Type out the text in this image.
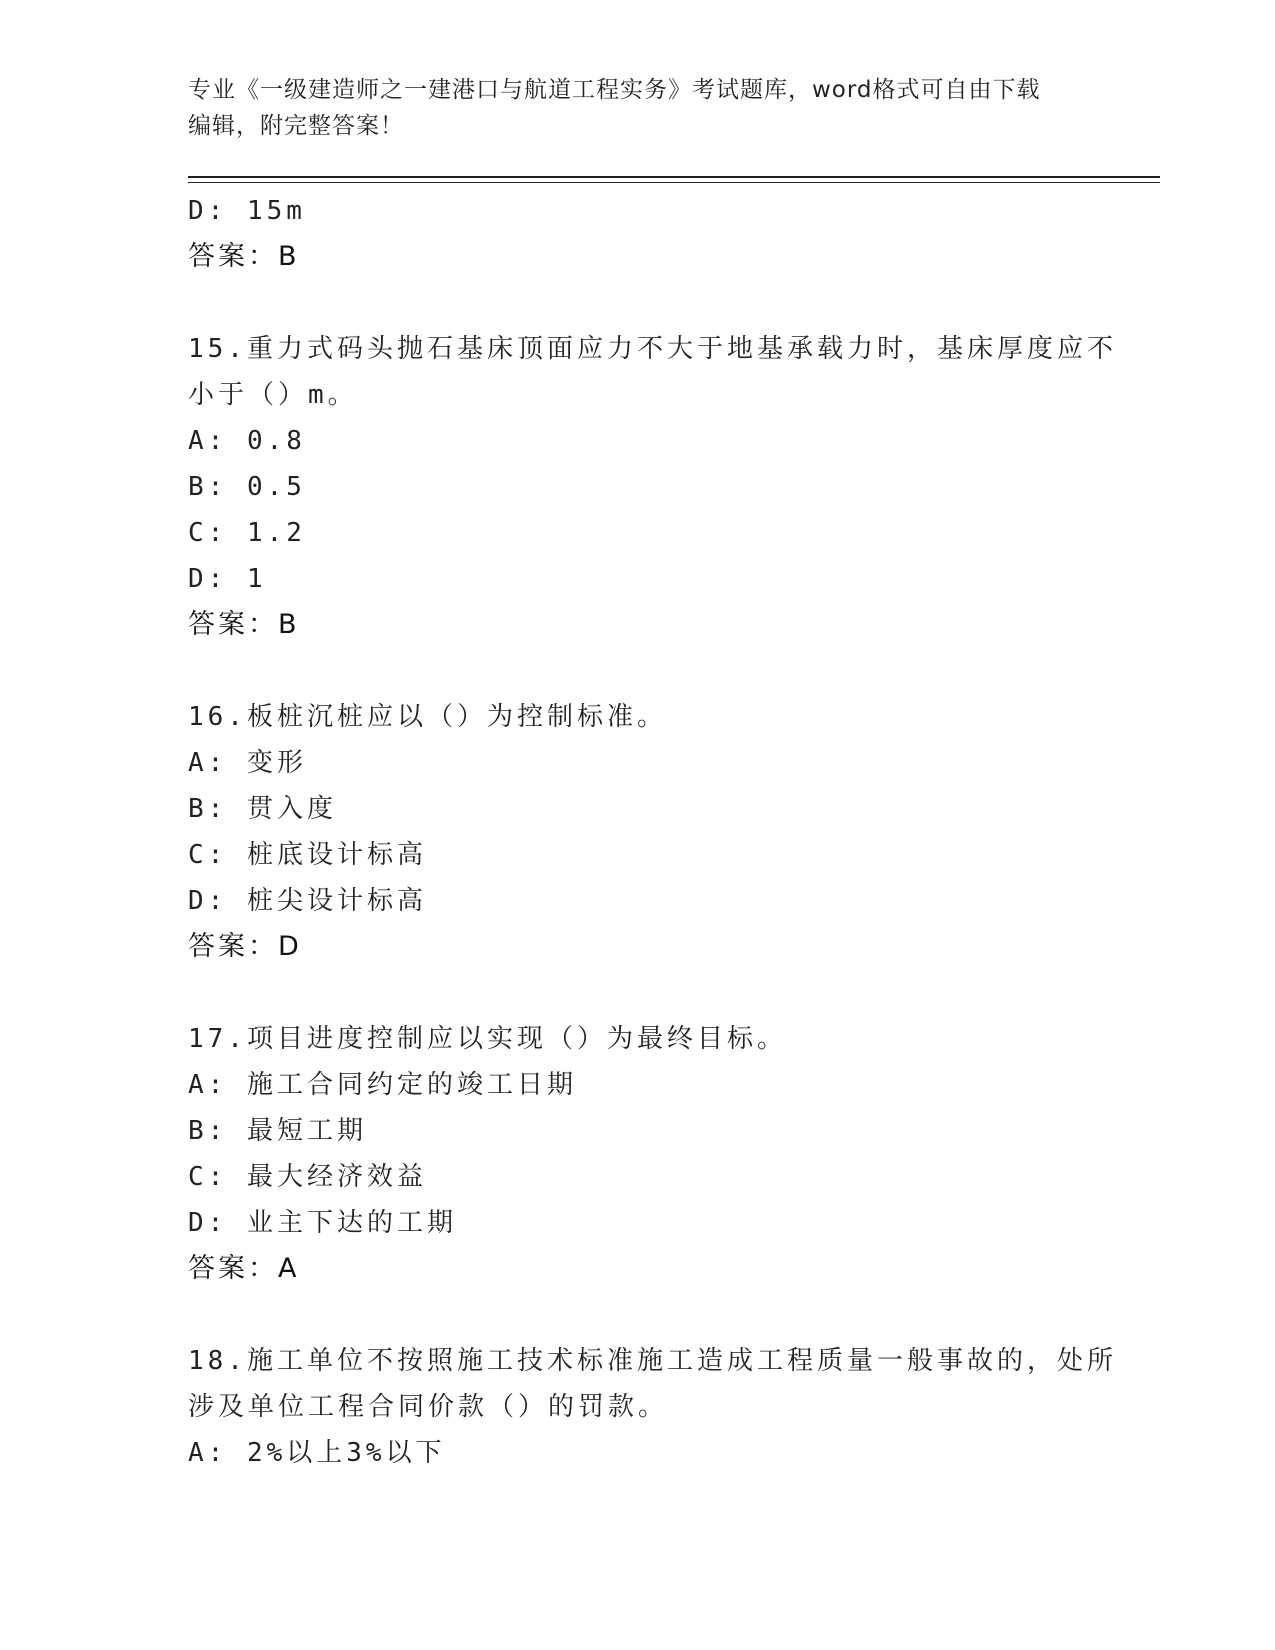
专业《一级建造师之一建港口与航道工程实务》考试题库，word格式可自由下载
编辑，附完整答案！
D: 15m
答案：B
15.重力式码头抛石基床顶面应力不大于地基承载力时，基床厚度应不
小于（）m。
A: 0.8
B: 0.5
C: 1.2
D: 1
答案：B
16.板桩沉桩应以（）为控制标准。
A: 变形
B: 贯入度
C: 桩底设计标高
D: 桩尖设计标高
答案：D
17.项目进度控制应以实现（）为最终目标。
A: 施工合同约定的竣工日期
B: 最短工期
C: 最大经济效益
D: 业主下达的工期
答案：A
18.施工单位不按照施工技术标准施工造成工程质量一般事故的，处所
涉及单位工程合同价款（）的罚款。
A: 2%以上3%以下
